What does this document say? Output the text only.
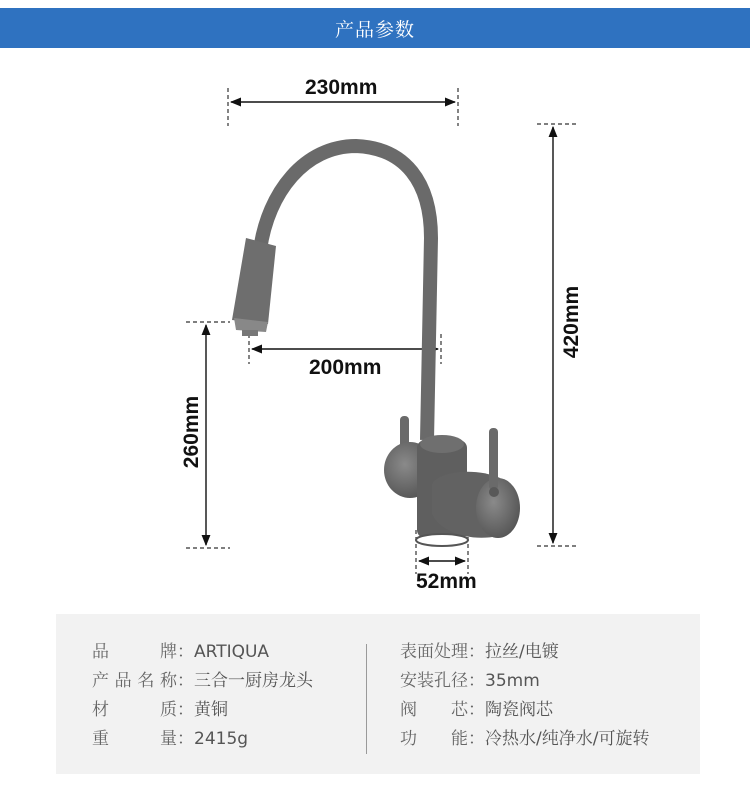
产品参数
230mm
200mm
52mm
420mm
260mm
品牌 ： ARTIQUA
产品名称 ： 三合一厨房龙头
材质 ： 黄铜
重量 ： 2415g
表面处理 ： 拉丝/电镀
安装孔径 ： 35mm
阀芯 ： 陶瓷阀芯
功能 ： 冷热水/纯净水/可旋转
